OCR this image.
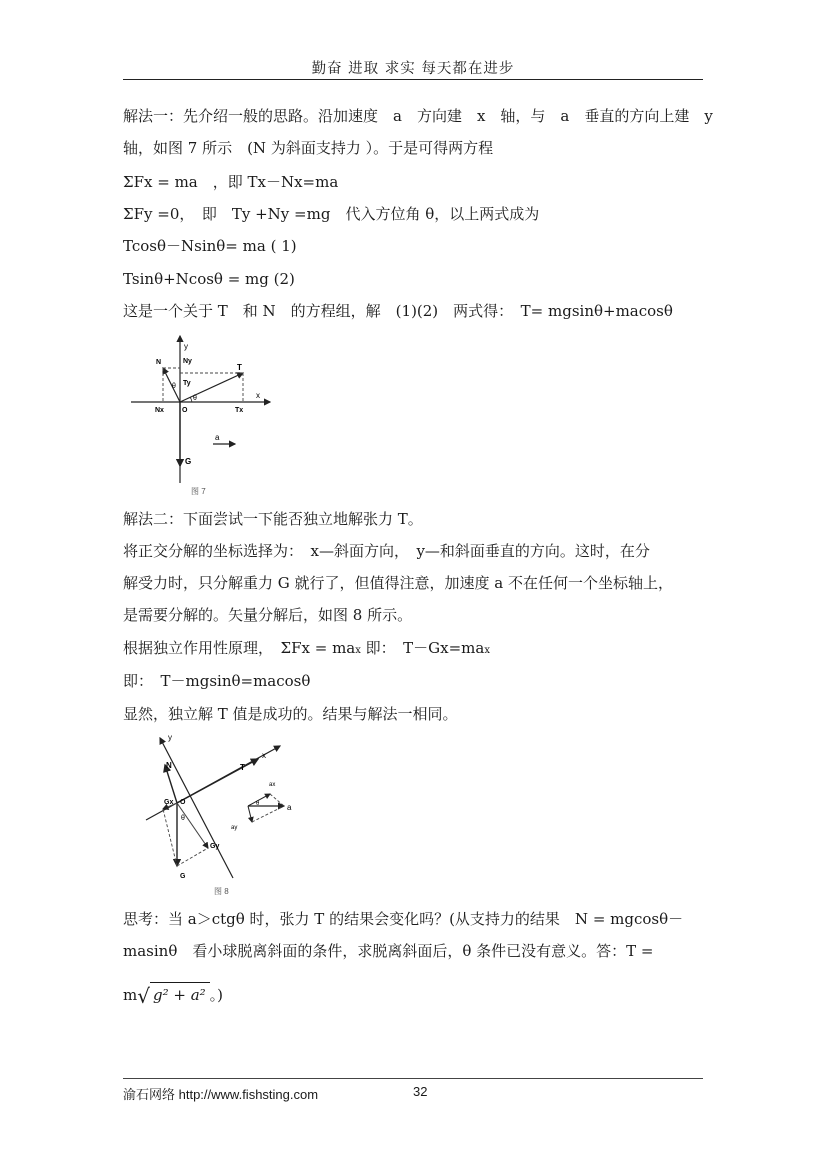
勤奋 进取 求实 每天都在进步
解法一：先介绍一般的思路。沿加速度　a　方向建　x　轴，与　a　垂直的方向上建　y
轴，如图 7 所示　(N 为斜面支持力 ）。于是可得两方程
ΣFx = ma　，即 Tx－Nx=ma
ΣFy =0，　即　Ty +Ny =mg　代入方位角 θ，以上两式成为
Tcosθ－Nsinθ= ma ( 1)
Tsinθ+Ncosθ = mg (2)
这是一个关于 T　和 N　的方程组，解　(1)(2)　两式得：　T= mgsinθ+macosθ
y
x
N	Ny
T
Ty
θ
θ
Nx	O	Tx
a
G
图 7
解法二：下面尝试一下能否独立地解张力 T。
将正交分解的坐标选择为：　x—斜面方向，　y—和斜面垂直的方向。这时，在分
解受力时，只分解重力 G 就行了，但值得注意，加速度 a 不在任何一个坐标轴上，
是需要分解的。矢量分解后，如图 8 所示。
根据独立作用性原理，　ΣFx = max 即：　T－Gx=max
即：　T－mgsinθ=macosθ
显然，独立解 T 值是成功的。结果与解法一相同。
y
x
N	T
Gx O
θ
G
Gy
ax
ay
θ	a
图 8
思考：当 a＞ctgθ 时，张力 T 的结果会变化吗？(从支持力的结果　N = mgcosθ－
masinθ　看小球脱离斜面的条件，求脱离斜面后，θ 条件已没有意义。答：T =
m√ g² + a² 。)
渝石网络 http://www.fishsting.com	32
